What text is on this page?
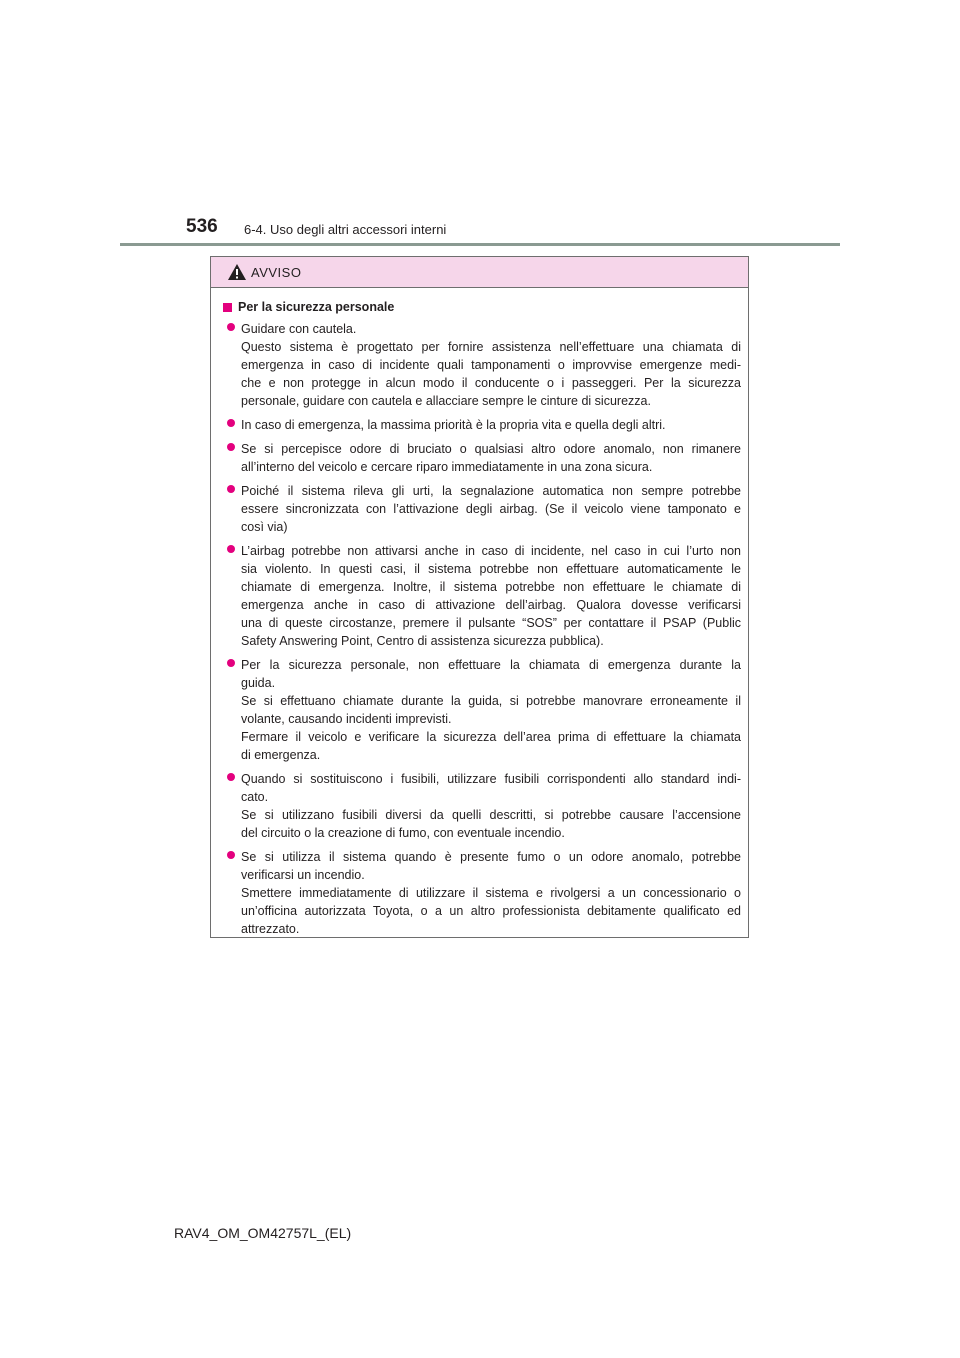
536 6-4. Uso degli altri accessori interni
AVVISO
Per la sicurezza personale
Guidare con cautela.
Questo sistema è progettato per fornire assistenza nell’effettuare una chiamata di
emergenza in caso di incidente quali tamponamenti o improvvise emergenze medi-
che e non protegge in alcun modo il conducente o i passeggeri. Per la sicurezza
personale, guidare con cautela e allacciare sempre le cinture di sicurezza.
In caso di emergenza, la massima priorità è la propria vita e quella degli altri.
Se si percepisce odore di bruciato o qualsiasi altro odore anomalo, non rimanere
all’interno del veicolo e cercare riparo immediatamente in una zona sicura.
Poiché il sistema rileva gli urti, la segnalazione automatica non sempre potrebbe
essere sincronizzata con l’attivazione degli airbag. (Se il veicolo viene tamponato e
così via)
L’airbag potrebbe non attivarsi anche in caso di incidente, nel caso in cui l’urto non
sia violento. In questi casi, il sistema potrebbe non effettuare automaticamente le
chiamate di emergenza. Inoltre, il sistema potrebbe non effettuare le chiamate di
emergenza anche in caso di attivazione dell’airbag. Qualora dovesse verificarsi
una di queste circostanze, premere il pulsante “SOS” per contattare il PSAP (Public
Safety Answering Point, Centro di assistenza sicurezza pubblica).
Per la sicurezza personale, non effettuare la chiamata di emergenza durante la
guida.
Se si effettuano chiamate durante la guida, si potrebbe manovrare erroneamente il
volante, causando incidenti imprevisti.
Fermare il veicolo e verificare la sicurezza dell’area prima di effettuare la chiamata
di emergenza.
Quando si sostituiscono i fusibili, utilizzare fusibili corrispondenti allo standard indi-
cato.
Se si utilizzano fusibili diversi da quelli descritti, si potrebbe causare l’accensione
del circuito o la creazione di fumo, con eventuale incendio.
Se si utilizza il sistema quando è presente fumo o un odore anomalo, potrebbe
verificarsi un incendio.
Smettere immediatamente di utilizzare il sistema e rivolgersi a un concessionario o
un’officina autorizzata Toyota, o a un altro professionista debitamente qualificato ed
attrezzato.
RAV4_OM_OM42757L_(EL)
